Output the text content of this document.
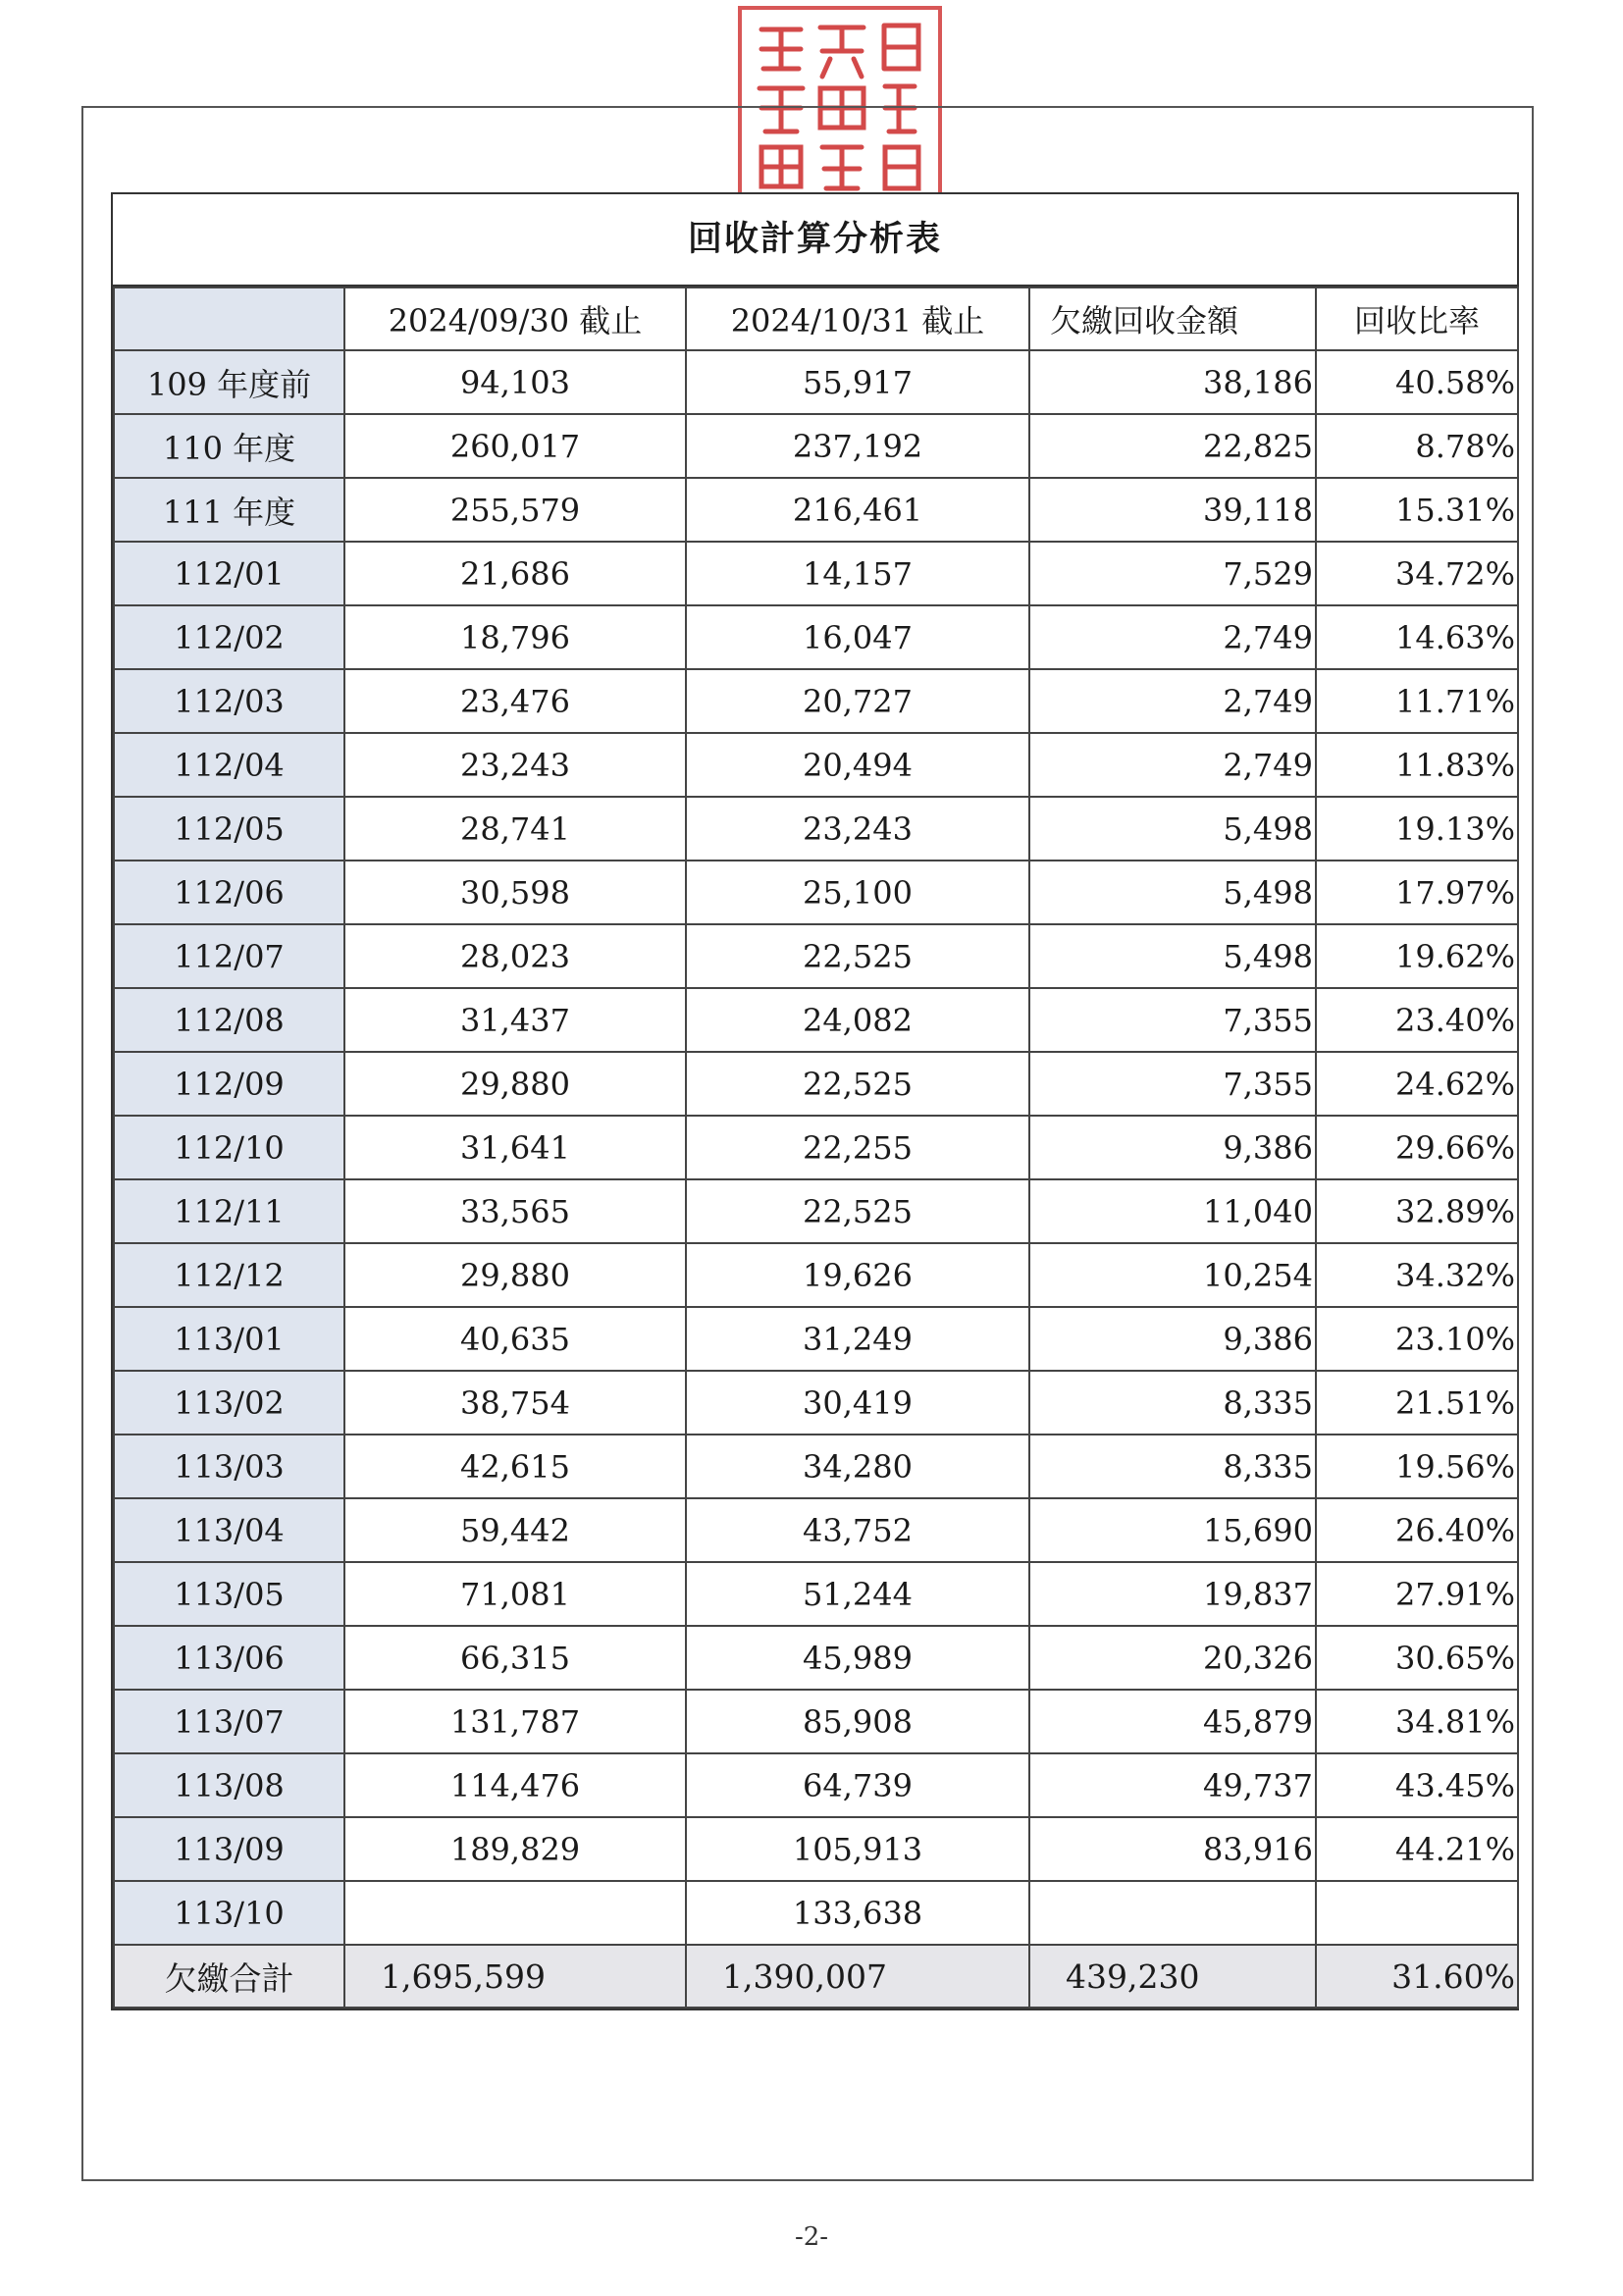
回收計算分析表
	2024/09/30 截止	2024/10/31 截止	欠繳回收金額	回收比率
109 年度前	94,103	55,917	38,186	40.58%
110 年度	260,017	237,192	22,825	8.78%
111 年度	255,579	216,461	39,118	15.31%
112/01	21,686	14,157	7,529	34.72%
112/02	18,796	16,047	2,749	14.63%
112/03	23,476	20,727	2,749	11.71%
112/04	23,243	20,494	2,749	11.83%
112/05	28,741	23,243	5,498	19.13%
112/06	30,598	25,100	5,498	17.97%
112/07	28,023	22,525	5,498	19.62%
112/08	31,437	24,082	7,355	23.40%
112/09	29,880	22,525	7,355	24.62%
112/10	31,641	22,255	9,386	29.66%
112/11	33,565	22,525	11,040	32.89%
112/12	29,880	19,626	10,254	34.32%
113/01	40,635	31,249	9,386	23.10%
113/02	38,754	30,419	8,335	21.51%
113/03	42,615	34,280	8,335	19.56%
113/04	59,442	43,752	15,690	26.40%
113/05	71,081	51,244	19,837	27.91%
113/06	66,315	45,989	20,326	30.65%
113/07	131,787	85,908	45,879	34.81%
113/08	114,476	64,739	49,737	43.45%
113/09	189,829	105,913	83,916	44.21%
113/10		133,638		
欠繳合計	1,695,599	1,390,007	439,230	31.60%
-2-
